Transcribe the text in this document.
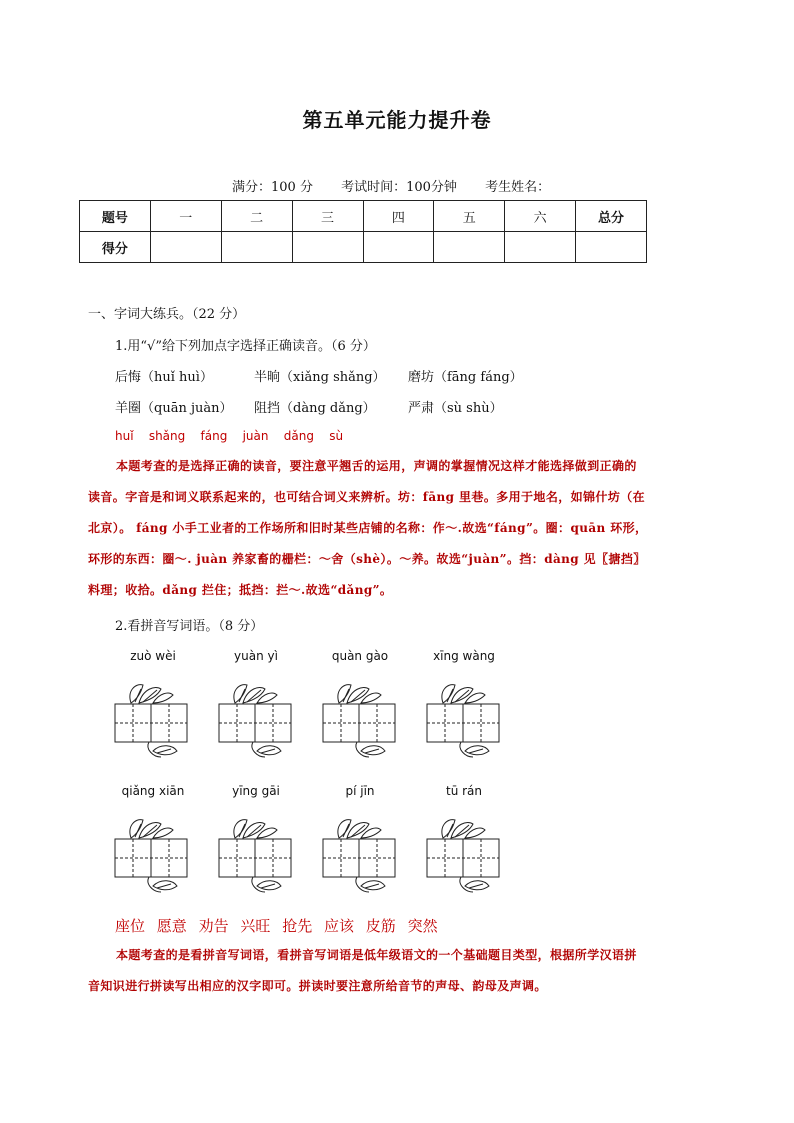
第五单元能力提升卷
满分：100 分 考试时间：100分钟 考生姓名：
题号	一	二	三	四	五	六	总分
得分							
一、字词大练兵。（22 分）
1.用“√”给下列加点字选择正确读音。（6 分）
后悔（huǐ huì）	半晌（xiǎng shǎng） 磨坊（fāng fáng）
羊圈（quān juàn） 阻挡（dàng dǎng） 严肃（sù shù）
huǐ shǎng fáng juàn dǎng sù
本题考查的是选择正确的读音，要注意平翘舌的运用，声调的掌握情况这样才能选择做到正确的
读音。字音是和词义联系起来的，也可结合词义来辨析。坊：fāng 里巷。多用于地名，如锦什坊（在
北京）。 fáng 小手工业者的工作场所和旧时某些店铺的名称：作～.故选“fáng”。圈：quān 环形，
环形的东西：圈～. juàn 养家畜的栅栏：～舍（shè）。～养。故选“juàn”。挡：dàng 见〖搪挡〗
料理；收拾。dǎng 拦住；抵挡：拦～.故选“dǎng”。
2.看拼音写词语。（8 分）
zuò wèi	yuàn yì	quàn gào	xīng wàng
qiǎng xiān	yīng gāi	pí jīn	tū rán
座位 愿意 劝告 兴旺 抢先 应该 皮筋 突然
本题考查的是看拼音写词语，看拼音写词语是低年级语文的一个基础题目类型，根据所学汉语拼
音知识进行拼读写出相应的汉字即可。拼读时要注意所给音节的声母、韵母及声调。
